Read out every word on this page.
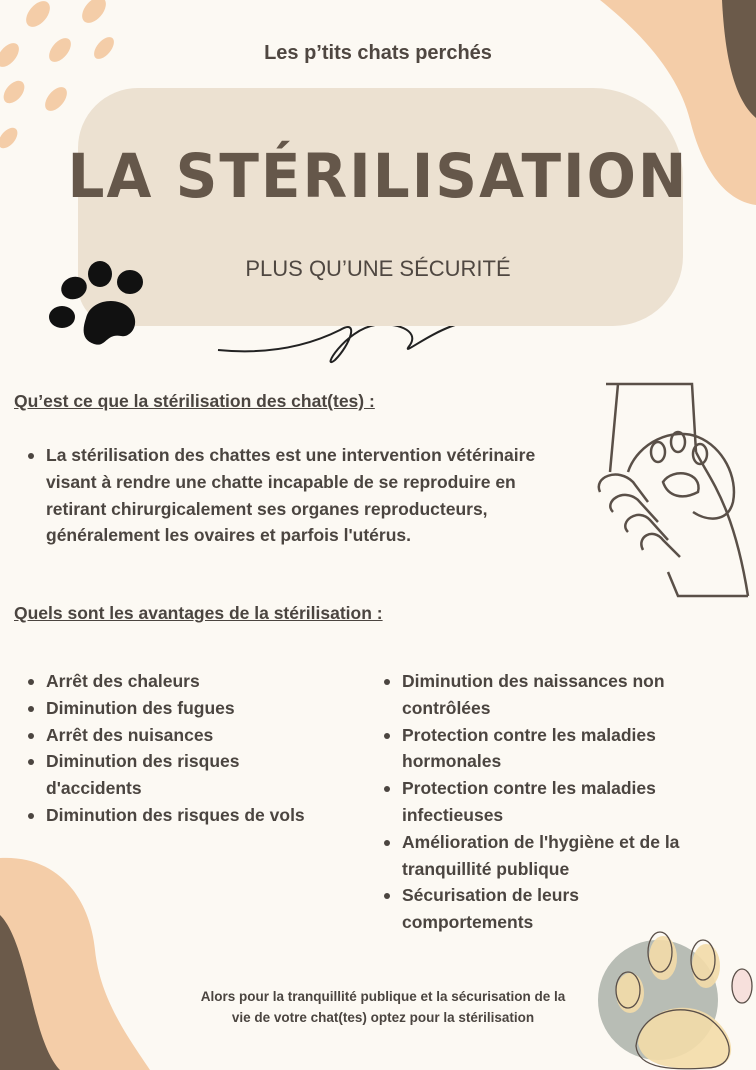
Les p’tits chats perchés
LA STÉRILISATION
PLUS QU’UNE SÉCURITÉ
Qu’est ce que la stérilisation des chat(tes) :
La stérilisation des chattes est une intervention vétérinaire visant à rendre une chatte incapable de se reproduire en retirant chirurgicalement ses organes reproducteurs, généralement les ovaires et parfois l'utérus.
Quels sont les avantages de la stérilisation :
Arrêt des chaleurs
Diminution des fugues
Arrêt des nuisances
Diminution des risques d'accidents
Diminution des risques de vols
Diminution des naissances non contrôlées
Protection contre les maladies hormonales
Protection contre les maladies infectieuses
Amélioration de l'hygiène et de la tranquillité publique
Sécurisation de leurs comportements
Alors pour la tranquillité publique et la sécurisation de la vie de votre chat(tes) optez pour la stérilisation
